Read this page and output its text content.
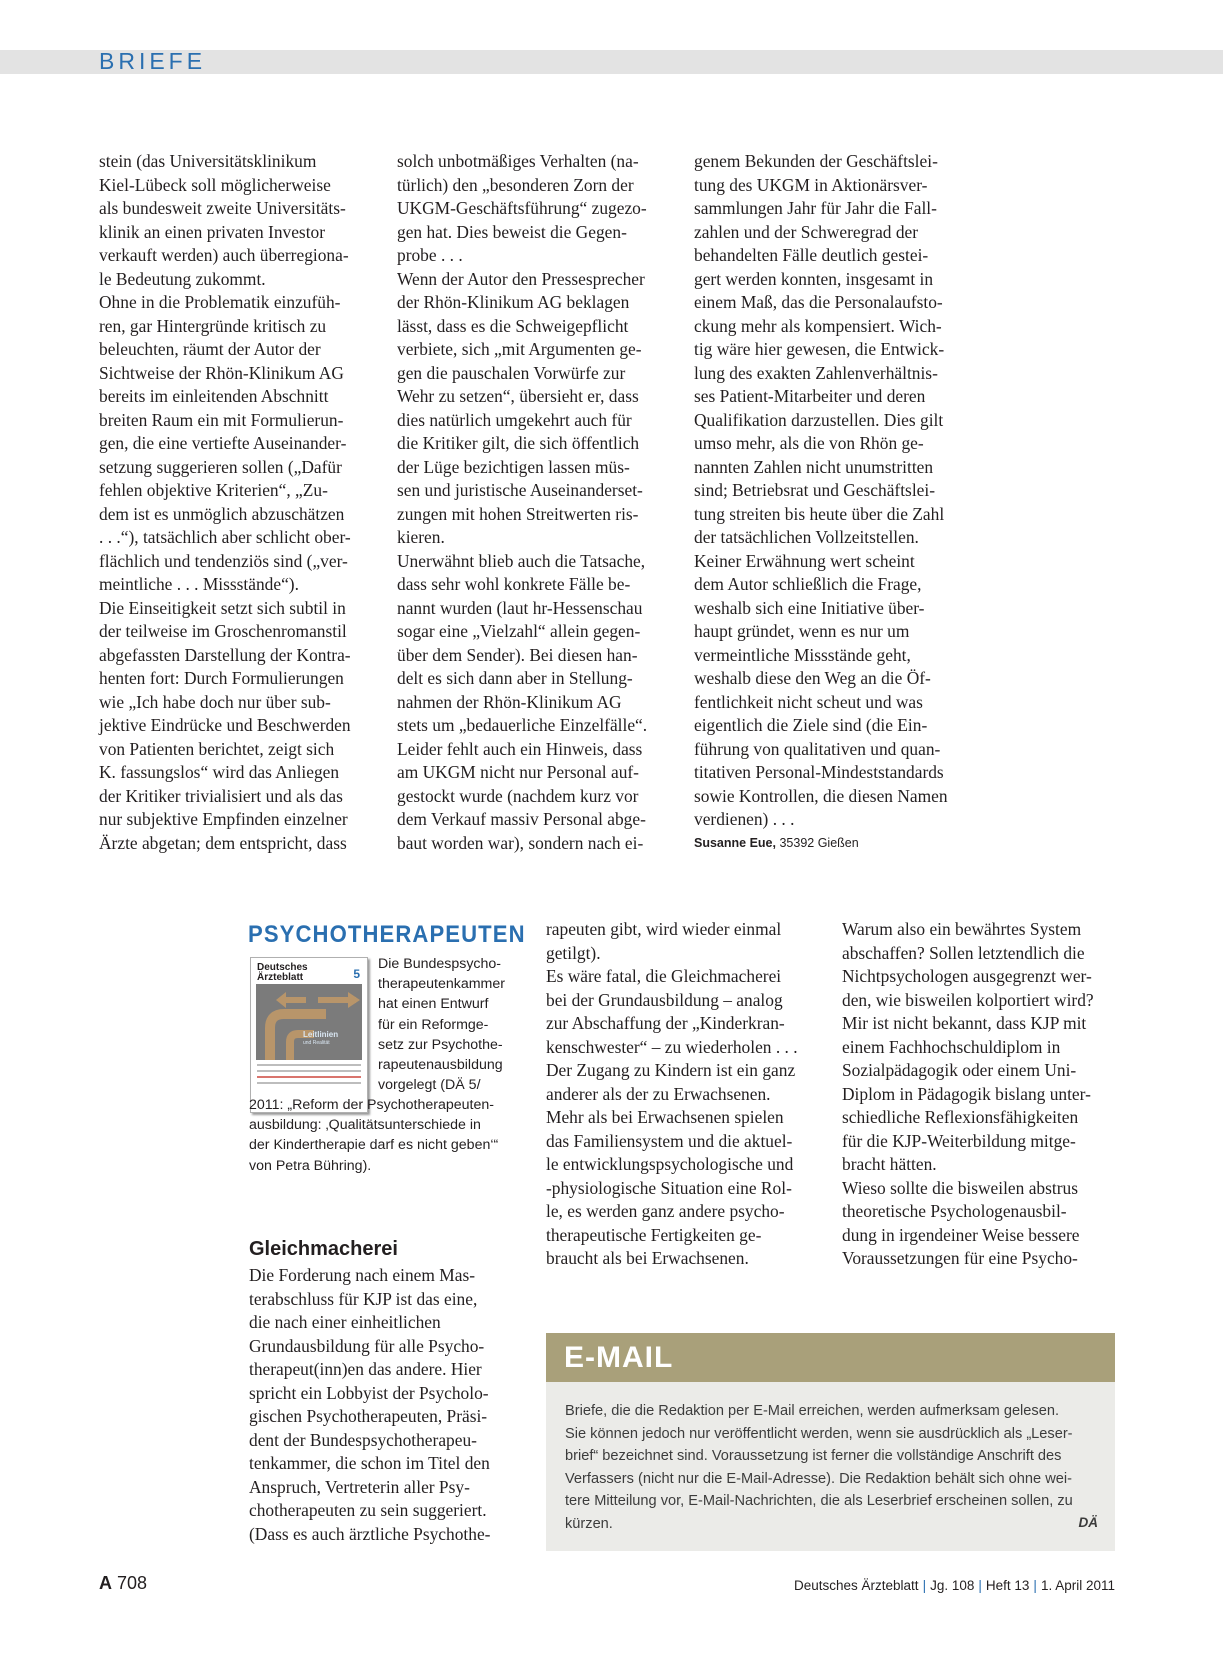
BRIEFE

stein (das Universitätsklinikum

Kiel-Lübeck soll möglicherweise

als bundesweit zweite Universitäts-

klinik an einen privaten Investor

verkauft werden) auch überregiona-

le Bedeutung zukommt.

Ohne in die Problematik einzufüh-

ren, gar Hintergründe kritisch zu

beleuchten, räumt der Autor der

Sichtweise der Rhön-Klinikum AG

bereits im einleitenden Abschnitt

breiten Raum ein mit Formulierun-

gen, die eine vertiefte Auseinander-

setzung suggerieren sollen („Dafür

fehlen objektive Kriterien“, „Zu-

dem ist es unmöglich abzuschätzen

. . .“), tatsächlich aber schlicht ober-

flächlich und tendenziös sind („ver-

meintliche . . . Missstände“).

Die Einseitigkeit setzt sich subtil in

der teilweise im Groschenromanstil

abgefassten Darstellung der Kontra-

henten fort: Durch Formulierungen

wie „Ich habe doch nur über sub-

jektive Eindrücke und Beschwerden

von Patienten berichtet, zeigt sich

K. fassungslos“ wird das Anliegen

der Kritiker trivialisiert und als das

nur subjektive Empfinden einzelner

Ärzte abgetan; dem entspricht, dass

solch unbotmäßiges Verhalten (na-

türlich) den „besonderen Zorn der

UKGM-Geschäftsführung“ zugezo-

gen hat. Dies beweist die Gegen-

probe . . .

Wenn der Autor den Pressesprecher

der Rhön-Klinikum AG beklagen

lässt, dass es die Schweigepflicht

verbiete, sich „mit Argumenten ge-

gen die pauschalen Vorwürfe zur

Wehr zu setzen“, übersieht er, dass

dies natürlich umgekehrt auch für

die Kritiker gilt, die sich öffentlich

der Lüge bezichtigen lassen müs-

sen und juristische Auseinanderset-

zungen mit hohen Streitwerten ris-

kieren.

Unerwähnt blieb auch die Tatsache,

dass sehr wohl konkrete Fälle be-

nannt wurden (laut hr-Hessenschau

sogar eine „Vielzahl“ allein gegen-

über dem Sender). Bei diesen han-

delt es sich dann aber in Stellung-

nahmen der Rhön-Klinikum AG

stets um „bedauerliche Einzelfälle“.

Leider fehlt auch ein Hinweis, dass

am UKGM nicht nur Personal auf-

gestockt wurde (nachdem kurz vor

dem Verkauf massiv Personal abge-

baut worden war), sondern nach ei-

genem Bekunden der Geschäftslei-

tung des UKGM in Aktionärsver-

sammlungen Jahr für Jahr die Fall-

zahlen und der Schweregrad der

behandelten Fälle deutlich gestei-

gert werden konnten, insgesamt in

einem Maß, das die Personalaufsto-

ckung mehr als kompensiert. Wich-

tig wäre hier gewesen, die Entwick-

lung des exakten Zahlenverhältnis-

ses Patient-Mitarbeiter und deren

Qualifikation darzustellen. Dies gilt

umso mehr, als die von Rhön ge-

nannten Zahlen nicht unumstritten

sind; Betriebsrat und Geschäftslei-

tung streiten bis heute über die Zahl

der tatsächlichen Vollzeitstellen.

Keiner Erwähnung wert scheint

dem Autor schließlich die Frage,

weshalb sich eine Initiative über-

haupt gründet, wenn es nur um

vermeintliche Missstände geht,

weshalb diese den Weg an die Öf-

fentlichkeit nicht scheut und was

eigentlich die Ziele sind (die Ein-

führung von qualitativen und quan-

titativen Personal-Mindeststandards

sowie Kontrollen, die diesen Namen

verdienen) . . .

Susanne Eue, 35392 Gießen
PSYCHOTHERAPEUTEN
Deutsches
Ärzteblatt	5
Leitlinien
und Realität

Die Bundespsycho-

therapeutenkammer

hat einen Entwurf

für ein Reformge-

setz zur Psychothe-

rapeutenausbildung

vorgelegt (DÄ 5/

2011: „Reform der Psychotherapeuten-

ausbildung: ‚Qualitätsunterschiede in

der Kindertherapie darf es nicht geben‘“

von Petra Bühring).

Gleichmacherei

Die Forderung nach einem Mas-

terabschluss für KJP ist das eine,

die nach einer einheitlichen

Grundausbildung für alle Psycho-

therapeut(inn)en das andere. Hier

spricht ein Lobbyist der Psycholo-

gischen Psychotherapeuten, Präsi-

dent der Bundespsychotherapeu-

tenkammer, die schon im Titel den

Anspruch, Vertreterin aller Psy-

chotherapeuten zu sein suggeriert.

(Dass es auch ärztliche Psychothe-

rapeuten gibt, wird wieder einmal

getilgt).

Es wäre fatal, die Gleichmacherei

bei der Grundausbildung – analog

zur Abschaffung der „Kinderkran-

kenschwester“ – zu wiederholen . . .

Der Zugang zu Kindern ist ein ganz

anderer als der zu Erwachsenen.

Mehr als bei Erwachsenen spielen

das Familiensystem und die aktuel-

le entwicklungspsychologische und

-physiologische Situation eine Rol-

le, es werden ganz andere psycho-

therapeutische Fertigkeiten ge-

braucht als bei Erwachsenen.

Warum also ein bewährtes System

abschaffen? Sollen letztendlich die

Nichtpsychologen ausgegrenzt wer-

den, wie bisweilen kolportiert wird?

Mir ist nicht bekannt, dass KJP mit

einem Fachhochschuldiplom in

Sozialpädagogik oder einem Uni-

Diplom in Pädagogik bislang unter-

schiedliche Reflexionsfähigkeiten

für die KJP-Weiterbildung mitge-

bracht hätten.

Wieso sollte die bisweilen abstrus

theoretische Psychologenausbil-

dung in irgendeiner Weise bessere

Voraussetzungen für eine Psycho-

E-MAIL

Briefe, die die Redaktion per E-Mail erreichen, werden aufmerksam gelesen.

Sie können jedoch nur veröffentlicht werden, wenn sie ausdrücklich als „Leser-

brief“ bezeichnet sind. Voraussetzung ist ferner die vollständige Anschrift des

Verfassers (nicht nur die E-Mail-Adresse). Die Redaktion behält sich ohne wei-

tere Mitteilung vor, E-Mail-Nachrichten, die als Leserbrief erscheinen sollen, zu

kürzen.	DÄ
A 708	Deutsches Ärzteblatt | Jg. 108 | Heft 13 | 1. April 2011
